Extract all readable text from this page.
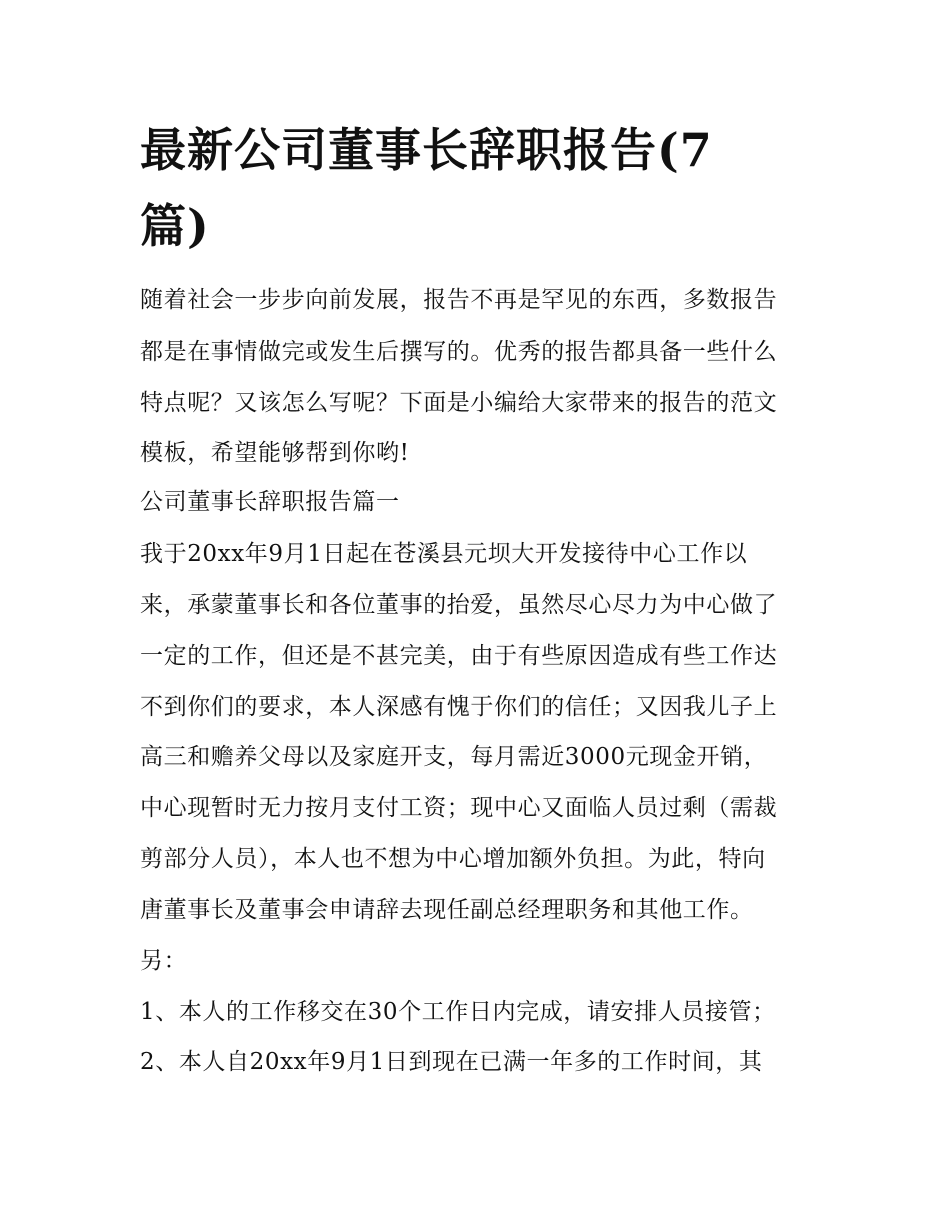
最新公司董事长辞职报告(7
篇)
随着社会一步步向前发展，报告不再是罕见的东西，多数报告
都是在事情做完或发生后撰写的。优秀的报告都具备一些什么
特点呢？又该怎么写呢？下面是小编给大家带来的报告的范文
模板，希望能够帮到你哟!
公司董事长辞职报告篇一
我于20xx年9月1日起在苍溪县元坝大开发接待中心工作以
来，承蒙董事长和各位董事的抬爱，虽然尽心尽力为中心做了
一定的工作，但还是不甚完美，由于有些原因造成有些工作达
不到你们的要求，本人深感有愧于你们的信任；又因我儿子上
高三和赡养父母以及家庭开支，每月需近3000元现金开销，
中心现暂时无力按月支付工资；现中心又面临人员过剩（需裁
剪部分人员），本人也不想为中心增加额外负担。为此，特向
唐董事长及董事会申请辞去现任副总经理职务和其他工作。
另：
1、本人的工作移交在30个工作日内完成，请安排人员接管；
2、本人自20xx年9月1日到现在已满一年多的工作时间，其
